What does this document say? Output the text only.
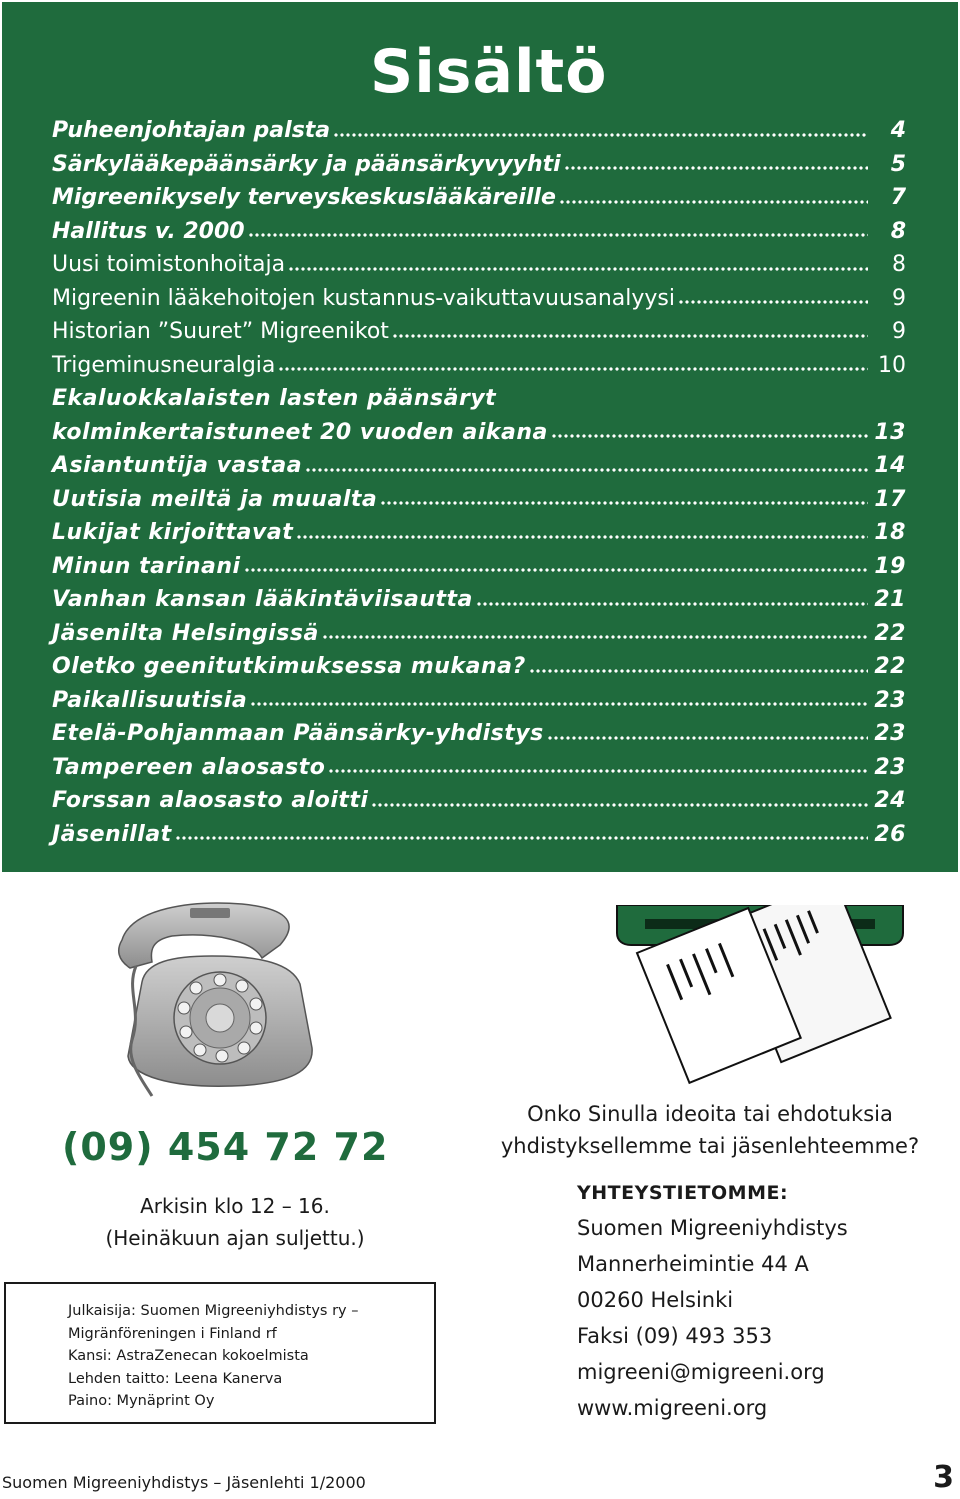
Sisältö
Puheenjohtajan palsta	4
Särkylääkepäänsärky ja päänsärkyvyyhti	5
Migreenikysely terveyskeskuslääkäreille	7
Hallitus v. 2000	8
Uusi toimistonhoitaja	8
Migreenin lääkehoitojen kustannus-vaikuttavuusanalyysi	9
Historian ”Suuret” Migreenikot	9
Trigeminusneuralgia	10
Ekaluokkalaisten lasten päänsäryt
kolminkertaistuneet 20 vuoden aikana	13
Asiantuntija vastaa	14
Uutisia meiltä ja muualta	17
Lukijat kirjoittavat	18
Minun tarinani	19
Vanhan kansan lääkintäviisautta	21
Jäsenilta Helsingissä	22
Oletko geenitutkimuksessa mukana?	22
Paikallisuutisia	23
Etelä-Pohjanmaan Päänsärky-yhdistys	23
Tampereen alaosasto	23
Forssan alaosasto aloitti	24
Jäsenillat	26
(09) 454 72 72
Arkisin klo 12 – 16.
(Heinäkuun ajan suljettu.)
Onko Sinulla ideoita tai ehdotuksia
yhdistyksellemme tai jäsenlehteemme?
YHTEYSTIETOMME:
Suomen Migreeniyhdistys
Mannerheimintie 44 A
00260 Helsinki
Faksi (09) 493 353
migreeni@migreeni.org
www.migreeni.org
Julkaisija: Suomen Migreeniyhdistys ry –
Migränföreningen i Finland rf
Kansi: AstraZenecan kokoelmista
Lehden taitto: Leena Kanerva
Paino: Mynäprint Oy
Suomen Migreeniyhdistys – Jäsenlehti 1/2000	3
